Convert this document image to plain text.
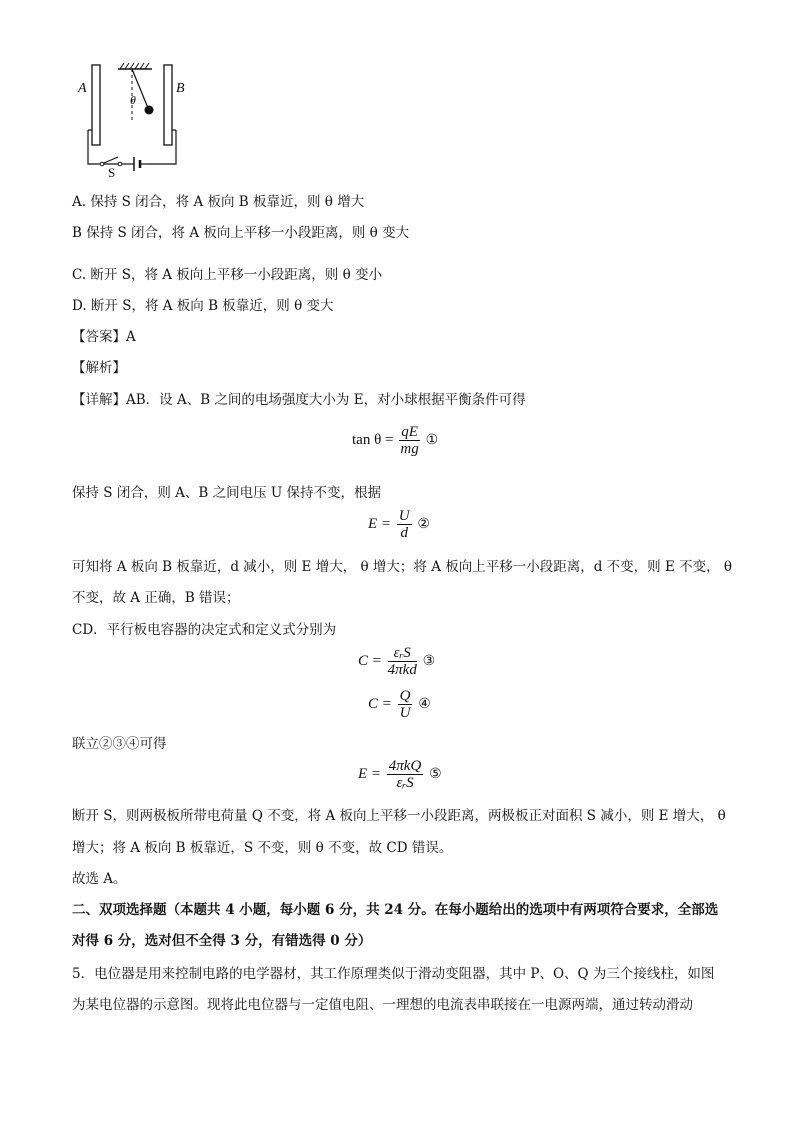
A	B
θ
S
A. 保持 S 闭合，将 A 板向 B 板靠近，则 θ 增大
B 保持 S 闭合，将 A 板向上平移一小段距离，则 θ 变大
C. 断开 S，将 A 板向上平移一小段距离，则 θ 变小
D. 断开 S，将 A 板向 B 板靠近，则 θ 变大
【答案】A
【解析】
【详解】AB．设 A、B 之间的电场强度大小为 E，对小球根据平衡条件可得
$\tan \theta = \frac{qE}{mg}$ ①
保持 S 闭合，则 A、B 之间电压 U 保持不变，根据
$E = \frac{U}{d}$ ②
可知将 A 板向 B 板靠近，d 减小，则 E 增大， θ 增大；将 A 板向上平移一小段距离，d 不变，则 E 不变， θ
不变，故 A 正确，B 错误；
CD．平行板电容器的决定式和定义式分别为
$C = \frac{\text{εᵣS}}{\text{4πkd}}$ ③
$C = \frac{Q}{U}$ ④
联立②③④可得
$E = \frac{\text{4πkQ}}{\text{εᵣS}}$ ⑤
断开 S，则两极板所带电荷量 Q 不变，将 A 板向上平移一小段距离，两极板正对面积 S 减小，则 E 增大， θ
增大；将 A 板向 B 板靠近，S 不变，则 θ 不变，故 CD 错误。
故选 A。
二、双项选择题（本题共 4 小题，每小题 6 分，共 24 分。在每小题给出的选项中有两项符合要求，全部选
对得 6 分，选对但不全得 3 分，有错选得 0 分）
5．电位器是用来控制电路的电学器材，其工作原理类似于滑动变阻器，其中 P、O、Q 为三个接线柱，如图
为某电位器的示意图。现将此电位器与一定值电阻、一理想的电流表串联接在一电源两端，通过转动滑动
